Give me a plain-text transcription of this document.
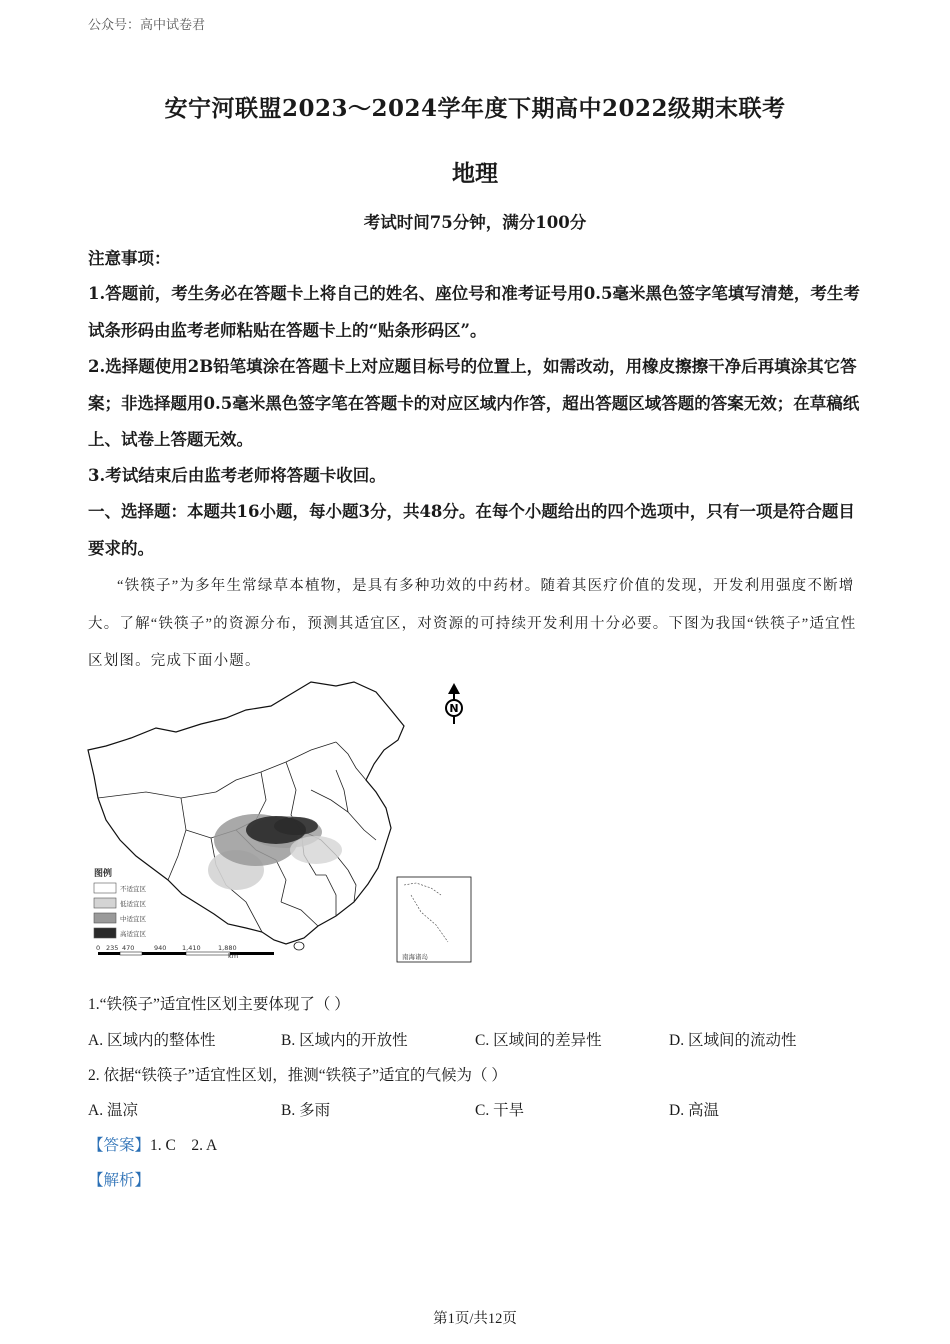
公众号：高中试卷君
安宁河联盟2023～2024学年度下期高中2022级期末联考
地理
考试时间75分钟，满分100分
注意事项：
1.答题前，考生务必在答题卡上将自己的姓名、座位号和准考证号用0.5毫米黑色签字笔填写清楚，考生考试条形码由监考老师粘贴在答题卡上的“贴条形码区”。
2.选择题使用2B铅笔填涂在答题卡上对应题目标号的位置上，如需改动，用橡皮擦擦干净后再填涂其它答案；非选择题用0.5毫米黑色签字笔在答题卡的对应区域内作答，超出答题区域答题的答案无效；在草稿纸上、试卷上答题无效。
3.考试结束后由监考老师将答题卡收回。
一、选择题：本题共16小题，每小题3分，共48分。在每个小题给出的四个选项中，只有一项是符合题目要求的。
“铁筷子”为多年生常绿草本植物，是具有多种功效的中药材。随着其医疗价值的发现，开发利用强度不断增大。了解“铁筷子”的资源分布，预测其适宜区，对资源的可持续开发利用十分必要。下图为我国“铁筷子”适宜性区划图。完成下面小题。
N
南海诸岛
图例
不适宜区
低适宜区
中适宜区
高适宜区
0 235 470	940 1,410	1,880
km
1.“铁筷子”适宜性区划主要体现了（ ）
A. 区域内的整体性	B. 区域内的开放性	C. 区域间的差异性	D. 区域间的流动性
2. 依据“铁筷子”适宜性区划，推测“铁筷子”适宜的气候为（ ）
A. 温凉	B. 多雨	C. 干旱	D. 高温
【答案】1. C    2. A
【解析】
第1页/共12页
